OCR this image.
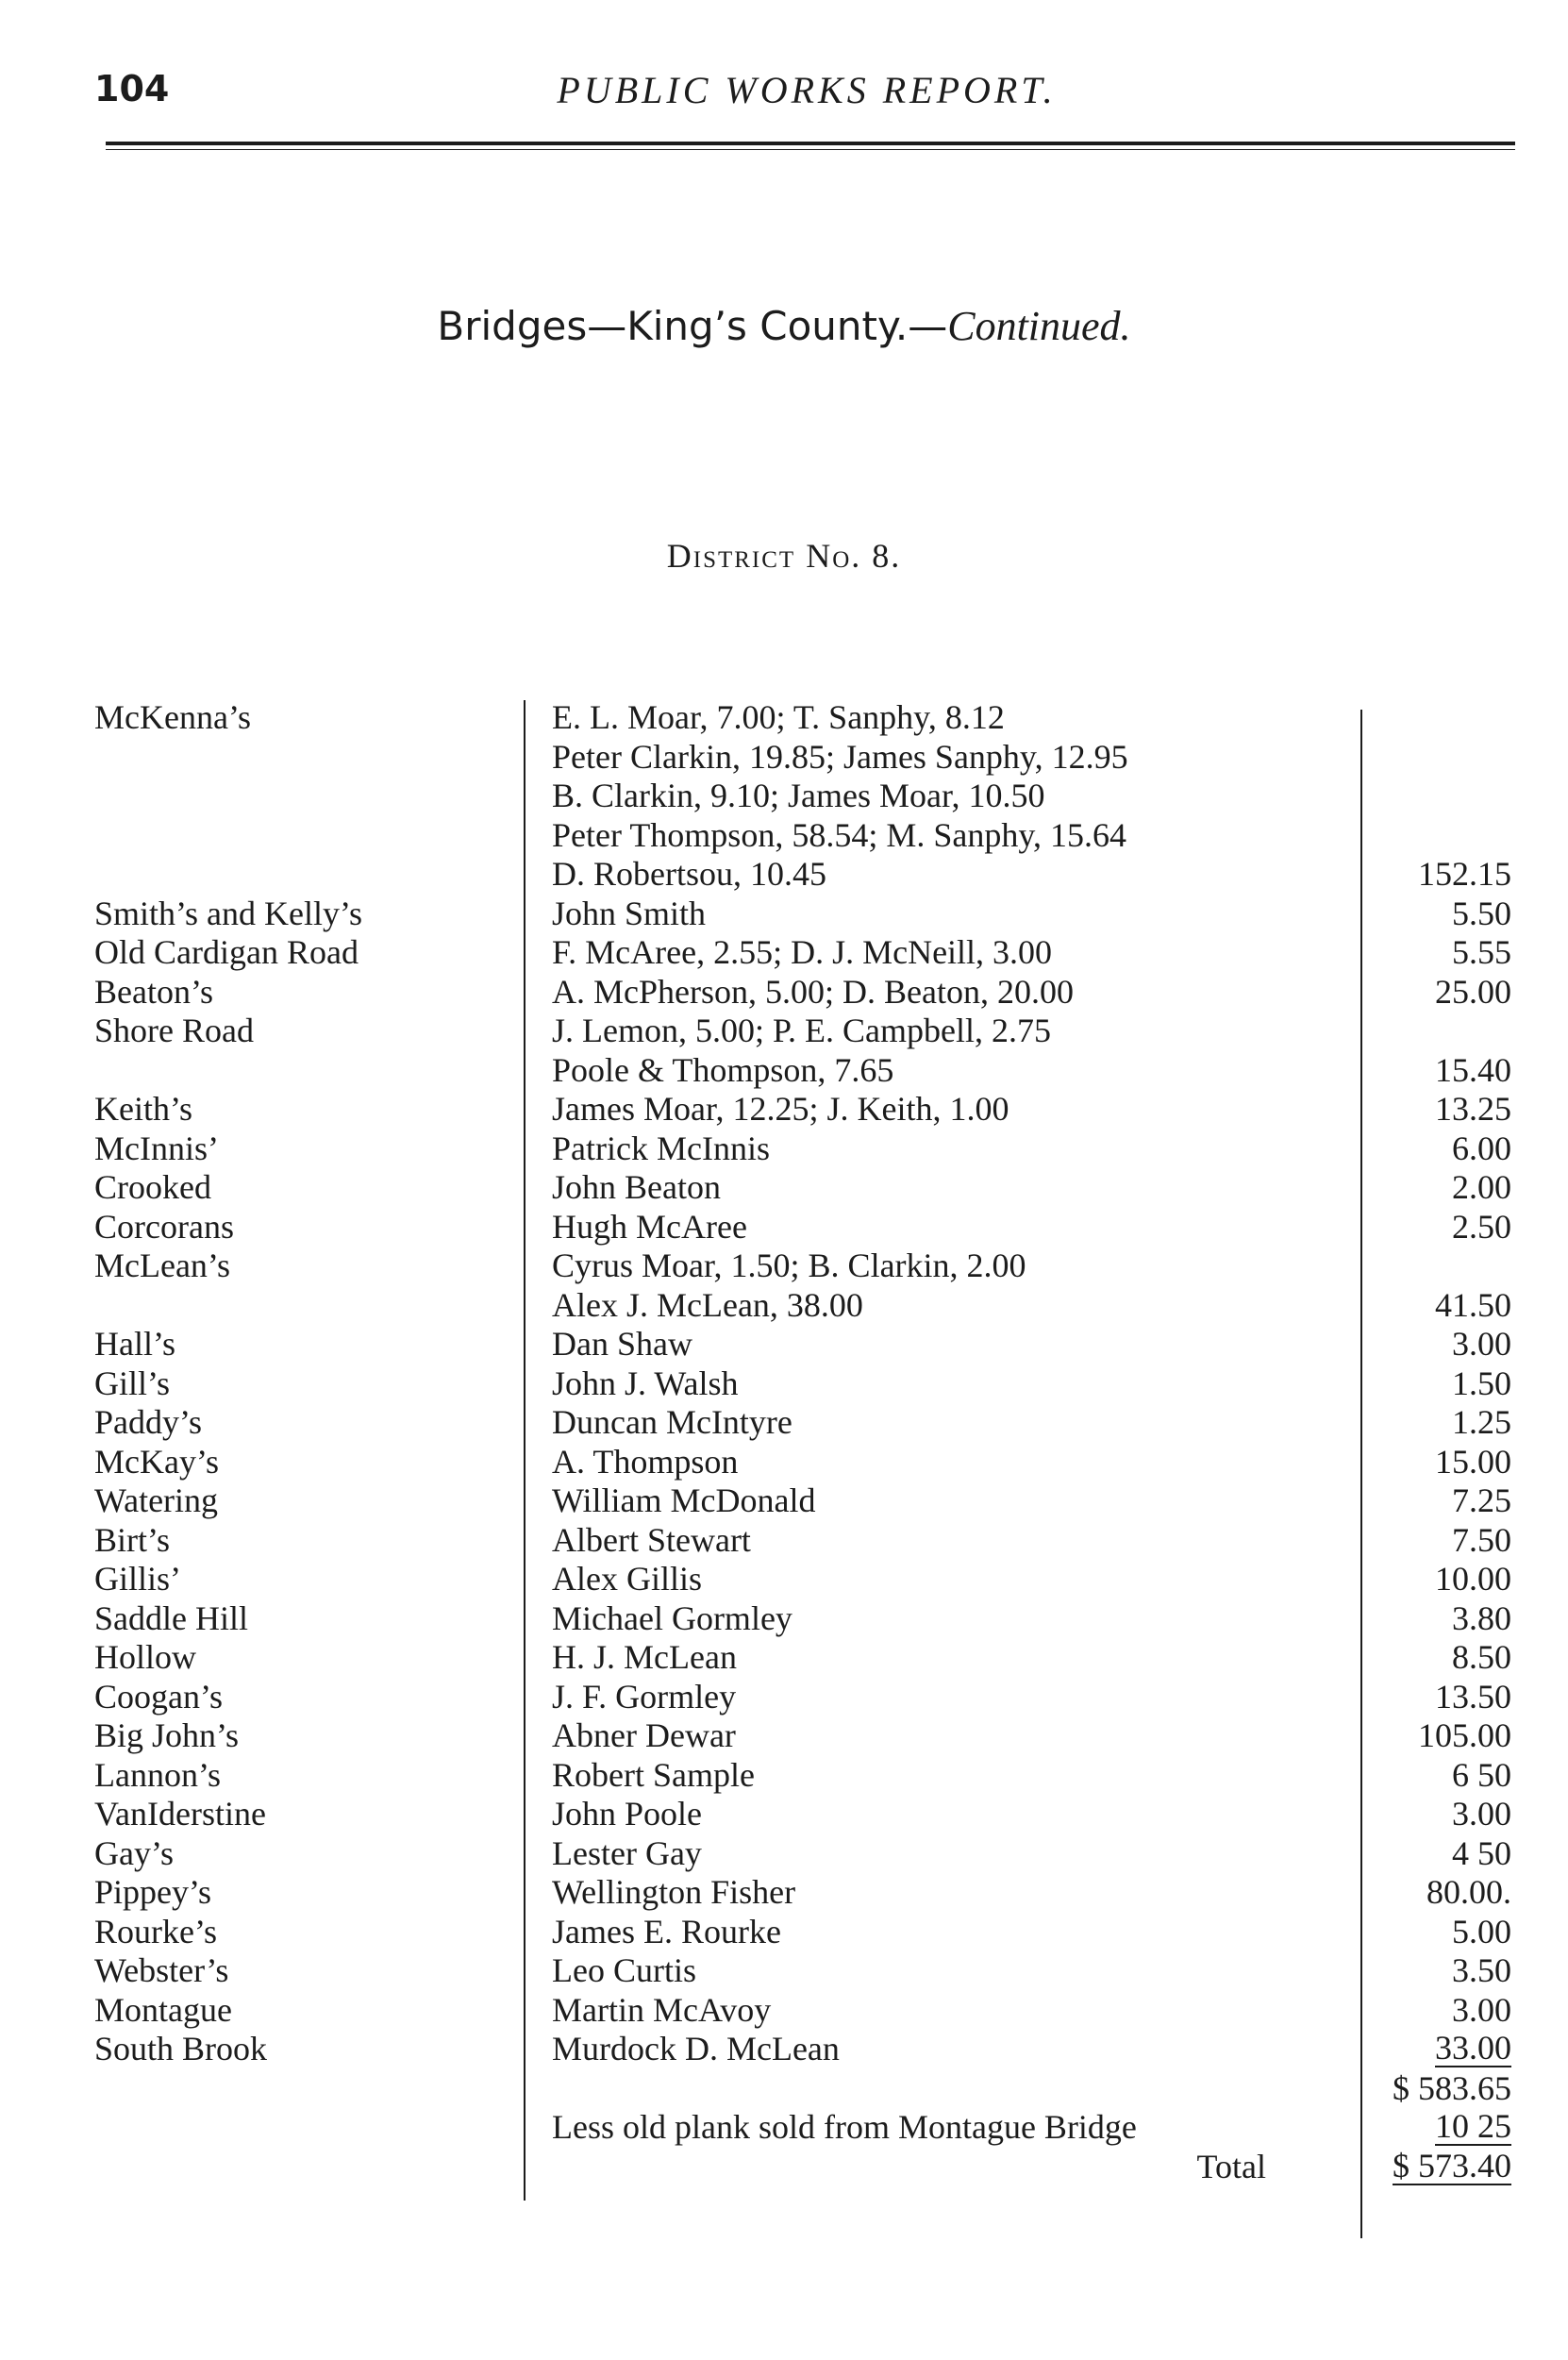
104	PUBLIC WORKS REPORT.
Bridges—King’s County.—Continued.
District No. 8.
McKenna’s	E. L. Moar, 7.00; T. Sanphy, 8.12
Peter Clarkin, 19.85; James Sanphy, 12.95
B. Clarkin, 9.10; James Moar, 10.50
Peter Thompson, 58.54; M. Sanphy, 15.64
D. Robertsou, 10.45	152.15
Smith’s and Kelly’s	John Smith	5.50
Old Cardigan Road	F. McAree, 2.55; D. J. McNeill, 3.00	5.55
Beaton’s	A. McPherson, 5.00; D. Beaton, 20.00	25.00
Shore Road	J. Lemon, 5.00; P. E. Campbell, 2.75
Poole & Thompson, 7.65	15.40
Keith’s	James Moar, 12.25; J. Keith, 1.00	13.25
McInnis’	Patrick McInnis	6.00
Crooked	John Beaton	2.00
Corcorans	Hugh McAree	2.50
McLean’s	Cyrus Moar, 1.50; B. Clarkin, 2.00
Alex J. McLean, 38.00	41.50
Hall’s	Dan Shaw	3.00
Gill’s	John J. Walsh	1.50
Paddy’s	Duncan McIntyre	1.25
McKay’s	A. Thompson	15.00
Watering	William McDonald	7.25
Birt’s	Albert Stewart	7.50
Gillis’	Alex Gillis	10.00
Saddle Hill	Michael Gormley	3.80
Hollow	H. J. McLean	8.50
Coogan’s	J. F. Gormley	13.50
Big John’s	Abner Dewar	105.00
Lannon’s	Robert Sample	6 50
VanIderstine	John Poole	3.00
Gay’s	Lester Gay	4 50
Pippey’s	Wellington Fisher	80.00.
Rourke’s	James E. Rourke	5.00
Webster’s	Leo Curtis	3.50
Montague	Martin McAvoy	3.00
South Brook	Murdock D. McLean	33.00
$ 583.65
Less old plank sold from Montague Bridge	10 25
Total	$ 573.40
